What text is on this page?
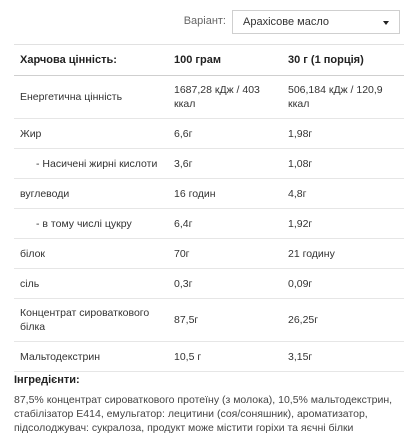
Варіант: Арахісове масло
Харчова цінність:	100 грам	30 г (1 порція)
Енергетична цінність	1687,28 кДж / 403 ккал	506,184 кДж / 120,9 ккал
Жир	6,6г	1,98г
- Насичені жирні кислоти	3,6г	1,08г
вуглеводи	16 годин	4,8г
- в тому числі цукру	6,4г	1,92г
білок	70г	21 годину
сіль	0,3г	0,09г
Концентрат сироваткового білка	87,5г	26,25г
Мальтодекстрин	10,5 г	3,15г
Інгредієнти:
87,5% концентрат сироваткового протеїну (з молока), 10,5% мальтодекстрин, стабілізатор E414, емульгатор: лецитини (соя/соняшник), ароматизатор, підсолоджувач: сукралоза, продукт може містити горіхи та яєчні білки
